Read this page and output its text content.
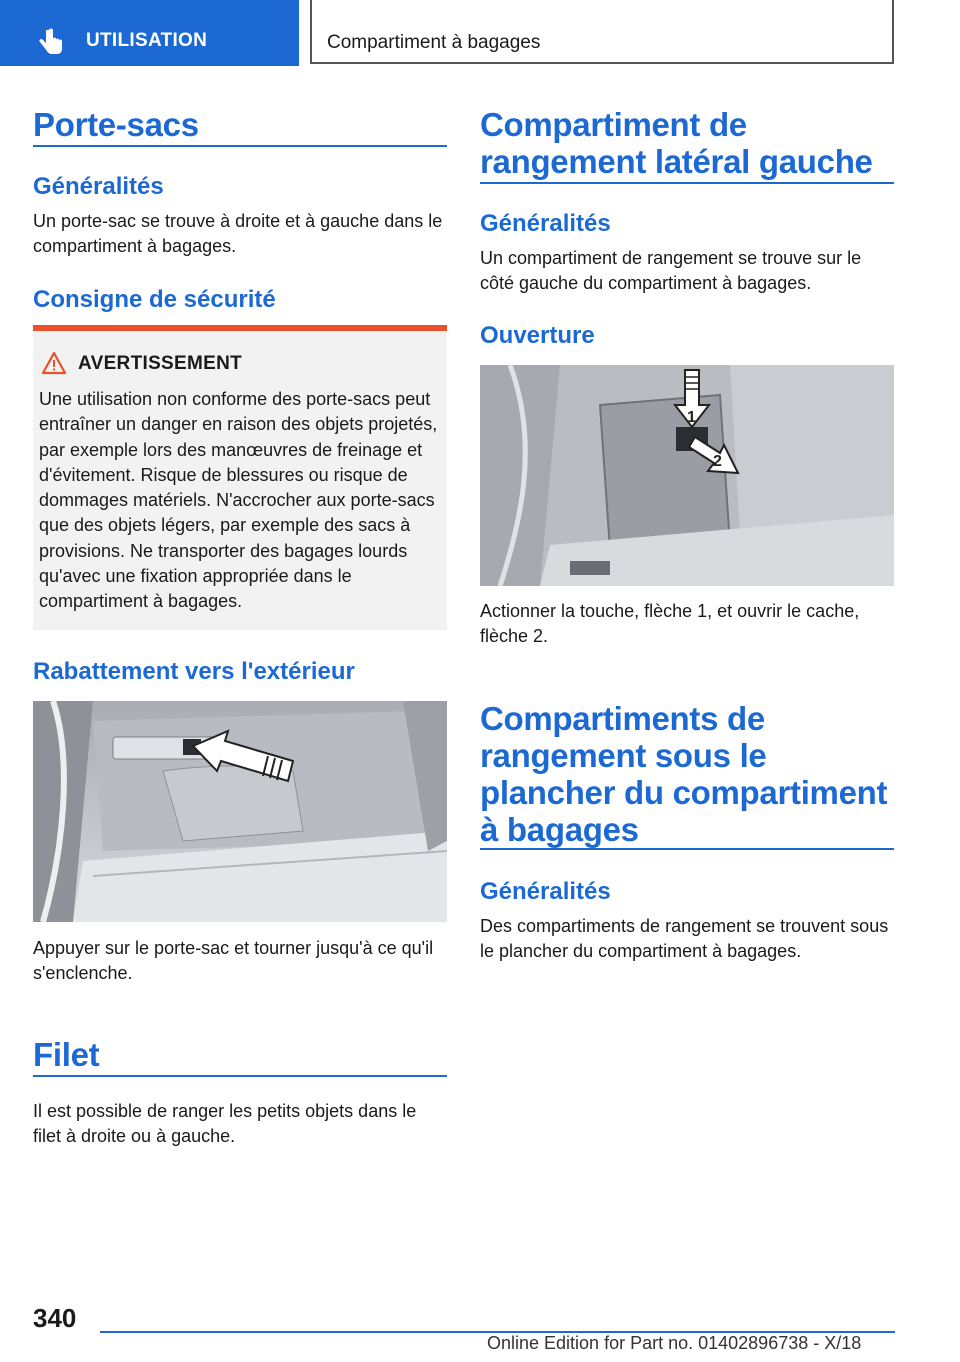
UTILISATION	Compartiment à bagages
Porte-sacs
Généralités

Un porte-sac se trouve à droite et à gauche dans le compartiment à bagages.

Consigne de sécurité
AVERTISSEMENT

Une utilisation non conforme des porte-sacs peut entraîner un danger en raison des objets projetés, par exemple lors des manœuvres de freinage et d'évitement. Risque de blessures ou risque de dommages matériels. N'accrocher aux porte-sacs que des objets légers, par exemple des sacs à provisions. Ne transporter des bagages lourds qu'avec une fixation appropriée dans le compartiment à bagages.

Rabattement vers l'extérieur

Appuyer sur le porte-sac et tourner jusqu'à ce qu'il s'enclenche.

Filet

Il est possible de ranger les petits objets dans le filet à droite ou à gauche.

Compartiment de rangement latéral gauche
Généralités

Un compartiment de rangement se trouve sur le côté gauche du compartiment à bagages.

Ouverture
1
2

Actionner la touche, flèche 1, et ouvrir le cache, flèche 2.

Compartiments de rangement sous le plancher du compartiment à bagages
Généralités

Des compartiments de rangement se trouvent sous le plancher du compartiment à bagages.

340
Online Edition for Part no. 01402896738 - X/18
